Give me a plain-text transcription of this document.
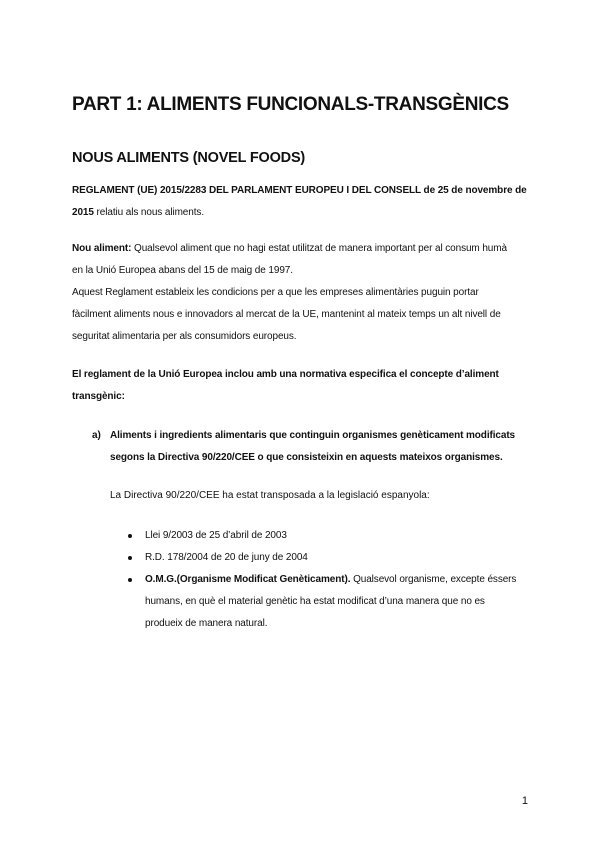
PART 1: ALIMENTS FUNCIONALS-TRANSGÈNICS
NOUS ALIMENTS (NOVEL FOODS)
REGLAMENT (UE) 2015/2283 DEL PARLAMENT EUROPEU I DEL CONSELL de 25 de novembre de
2015 relatiu als nous aliments.
Nou aliment: Qualsevol aliment que no hagi estat utilitzat de manera important per al consum humà
en la Unió Europea abans del 15 de maig de 1997.
Aquest Reglament estableix les condicions per a que les empreses alimentàries puguin portar
fàcilment aliments nous e innovadors al mercat de la UE, mantenint al mateix temps un alt nivell de
seguritat alimentaria per als consumidors europeus.
El reglament de la Unió Europea inclou amb una normativa especifica el concepte d’aliment
transgènic:
a) Aliments i ingredients alimentaris que continguin organismes genèticament modificats
segons la Directiva 90/220/CEE o que consisteixin en aquests mateixos organismes.
La Directiva 90/220/CEE ha estat transposada a la legislació espanyola:
Llei 9/2003 de 25 d’abril de 2003
R.D. 178/2004 de 20 de juny de 2004
O.M.G.(Organisme Modificat Genèticament). Qualsevol organisme, excepte éssers
humans, en què el material genètic ha estat modificat d’una manera que no es
produeix de manera natural.
1
